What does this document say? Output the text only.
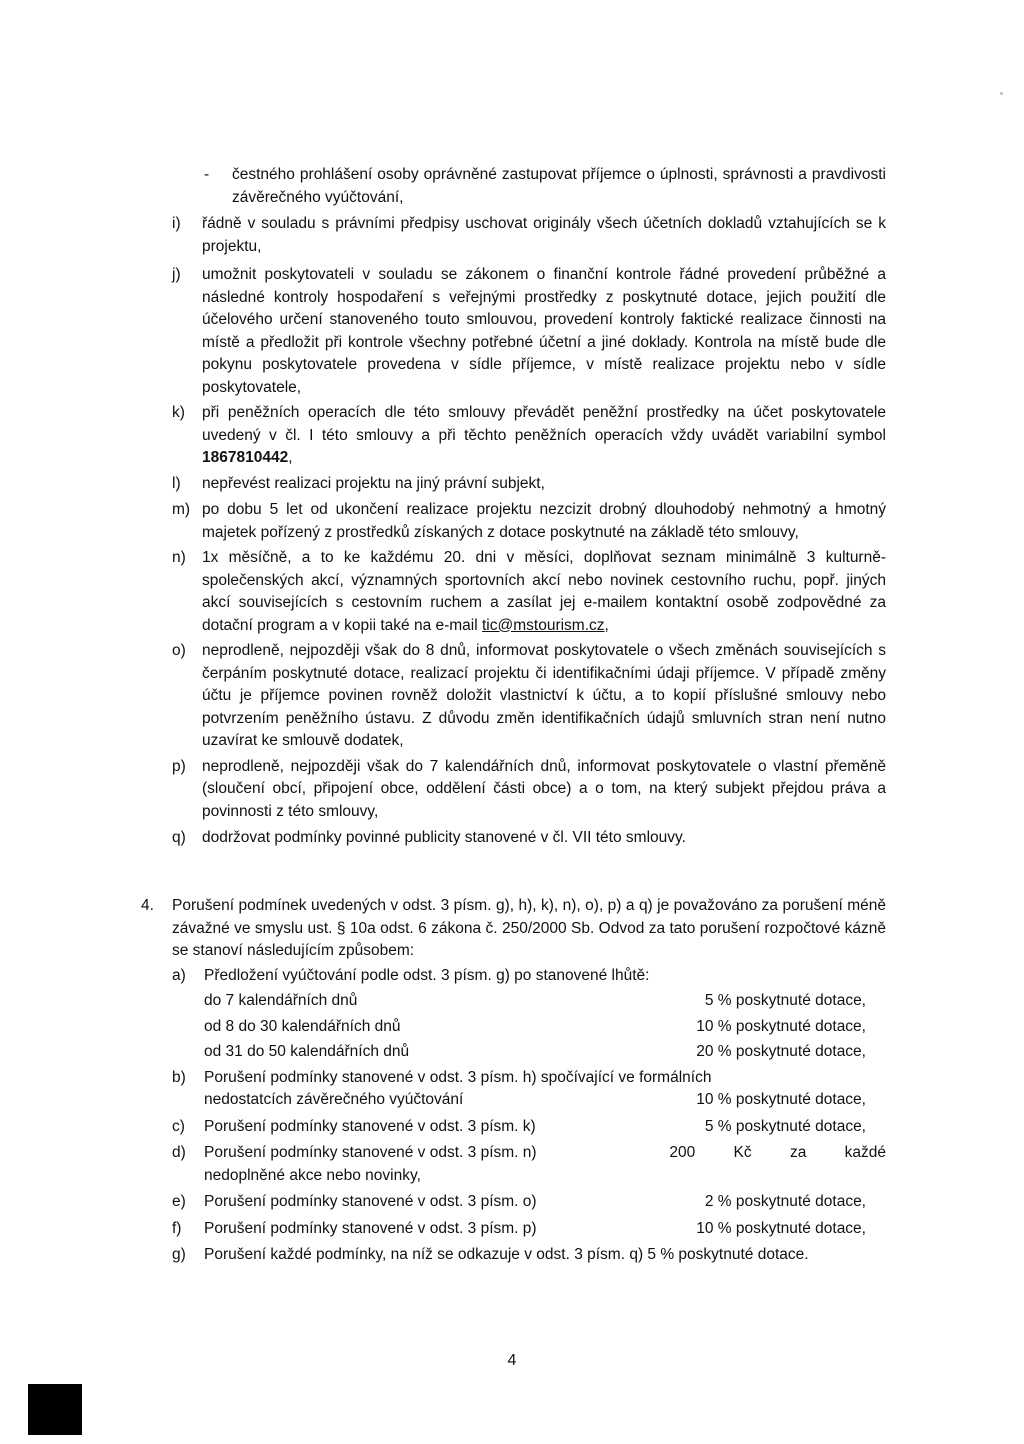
- čestného prohlášení osoby oprávněné zastupovat příjemce o úplnosti, správnosti a pravdivosti závěrečného vyúčtování,
i) řádně v souladu s právními předpisy uschovat originály všech účetních dokladů vztahujících se k projektu,
j) umožnit poskytovateli v souladu se zákonem o finanční kontrole řádné provedení průběžné a následné kontroly hospodaření s veřejnými prostředky z poskytnuté dotace, jejich použití dle účelového určení stanoveného touto smlouvou, provedení kontroly faktické realizace činnosti na místě a předložit při kontrole všechny potřebné účetní a jiné doklady. Kontrola na místě bude dle pokynu poskytovatele provedena v sídle příjemce, v místě realizace projektu nebo v sídle poskytovatele,
k) při peněžních operacích dle této smlouvy převádět peněžní prostředky na účet poskytovatele uvedený v čl. I této smlouvy a při těchto peněžních operacích vždy uvádět variabilní symbol 1867810442,
l) nepřevést realizaci projektu na jiný právní subjekt,
m) po dobu 5 let od ukončení realizace projektu nezcizit drobný dlouhodobý nehmotný a hmotný majetek pořízený z prostředků získaných z dotace poskytnuté na základě této smlouvy,
n) 1x měsíčně, a to ke každému 20. dni v měsíci, doplňovat seznam minimálně 3 kulturně-společenských akcí, významných sportovních akcí nebo novinek cestovního ruchu, popř. jiných akcí souvisejících s cestovním ruchem a zasílat jej e-mailem kontaktní osobě zodpovědné za dotační program a v kopii také na e-mail tic@mstourism.cz,
o) neprodleně, nejpozději však do 8 dnů, informovat poskytovatele o všech změnách souvisejících s čerpáním poskytnuté dotace, realizací projektu či identifikačními údaji příjemce. V případě změny účtu je příjemce povinen rovněž doložit vlastnictví k účtu, a to kopií příslušné smlouvy nebo potvrzením peněžního ústavu. Z důvodu změn identifikačních údajů smluvních stran není nutno uzavírat ke smlouvě dodatek,
p) neprodleně, nejpozději však do 7 kalendářních dnů, informovat poskytovatele o vlastní přeměně (sloučení obcí, připojení obce, oddělení části obce) a o tom, na který subjekt přejdou práva a povinnosti z této smlouvy,
q) dodržovat podmínky povinné publicity stanovené v čl. VII této smlouvy.
4. Porušení podmínek uvedených v odst. 3 písm. g), h), k), n), o), p) a q) je považováno za porušení méně závažné ve smyslu ust. § 10a odst. 6 zákona č. 250/2000 Sb. Odvod za tato porušení rozpočtové kázně se stanoví následujícím způsobem:
a) Předložení vyúčtování podle odst. 3 písm. g) po stanovené lhůtě:
do 7 kalendářních dnů	5 % poskytnuté dotace,
od 8 do 30 kalendářních dnů	10 % poskytnuté dotace,
od 31 do 50 kalendářních dnů	20 % poskytnuté dotace,
b) Porušení podmínky stanovené v odst. 3 písm. h) spočívající ve formálních
nedostatcích závěrečného vyúčtování	10 % poskytnuté dotace,
c) Porušení podmínky stanovené v odst. 3 písm. k)	5 % poskytnuté dotace,
d) Porušení podmínky stanovené v odst. 3 písm. n)	200 Kč za každé
nedoplněné akce nebo novinky,
e) Porušení podmínky stanovené v odst. 3 písm. o)	2 % poskytnuté dotace,
f) Porušení podmínky stanovené v odst. 3 písm. p)	10 % poskytnuté dotace,
g) Porušení každé podmínky, na níž se odkazuje v odst. 3 písm. q) 5 % poskytnuté dotace.
4
